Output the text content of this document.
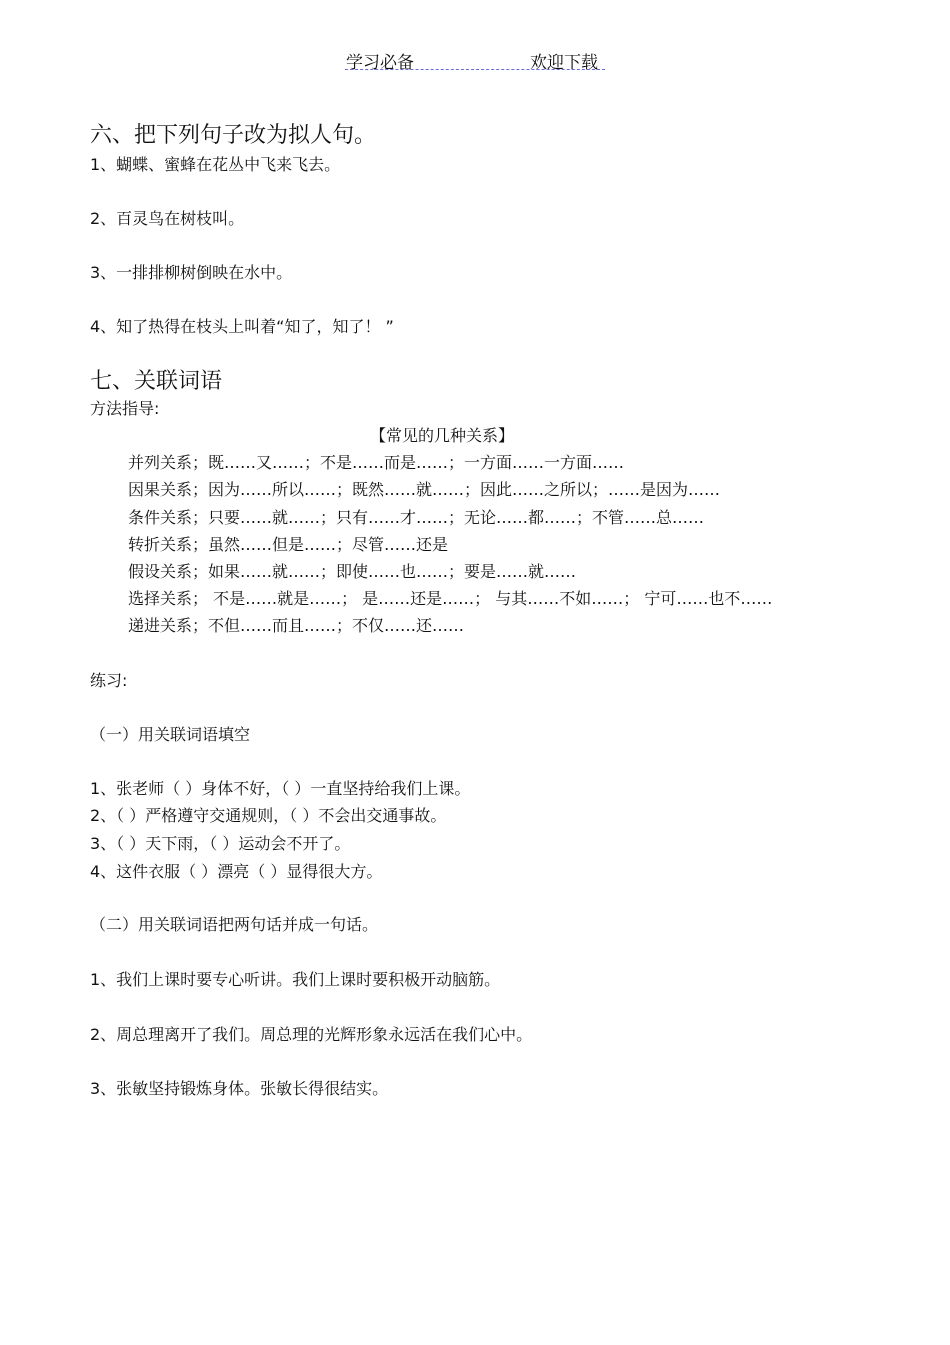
学习必备	欢迎下载
六、把下列句子改为拟人句。
1、蝴蝶、蜜蜂在花丛中飞来飞去。
2、百灵鸟在树枝叫。
3、一排排柳树倒映在水中。
4、知了热得在枝头上叫着“知了，知了！ ”
七、关联词语
方法指导:
【常见的几种关系】
并列关系；既……又……；不是……而是……；一方面……一方面……
因果关系；因为……所以……；既然……就……；因此……之所以；……是因为……
条件关系；只要……就……；只有……才……；无论……都……；不管……总……
转折关系；虽然……但是……；尽管……还是
假设关系；如果……就……；即使……也……；要是……就……
选择关系； 不是……就是……； 是……还是……； 与其……不如……； 宁可……也不……
递进关系；不但……而且……；不仅……还……
练习:
（一）用关联词语填空
1、张老师（ ）身体不好，（ ）一直坚持给我们上课。
2、（ ）严格遵守交通规则，（ ）不会出交通事故。
3、（ ）天下雨，（ ）运动会不开了。
4、这件衣服（ ）漂亮（ ）显得很大方。
（二）用关联词语把两句话并成一句话。
1、我们上课时要专心听讲。我们上课时要积极开动脑筋。
2、周总理离开了我们。周总理的光辉形象永远活在我们心中。
3、张敏坚持锻炼身体。张敏长得很结实。
